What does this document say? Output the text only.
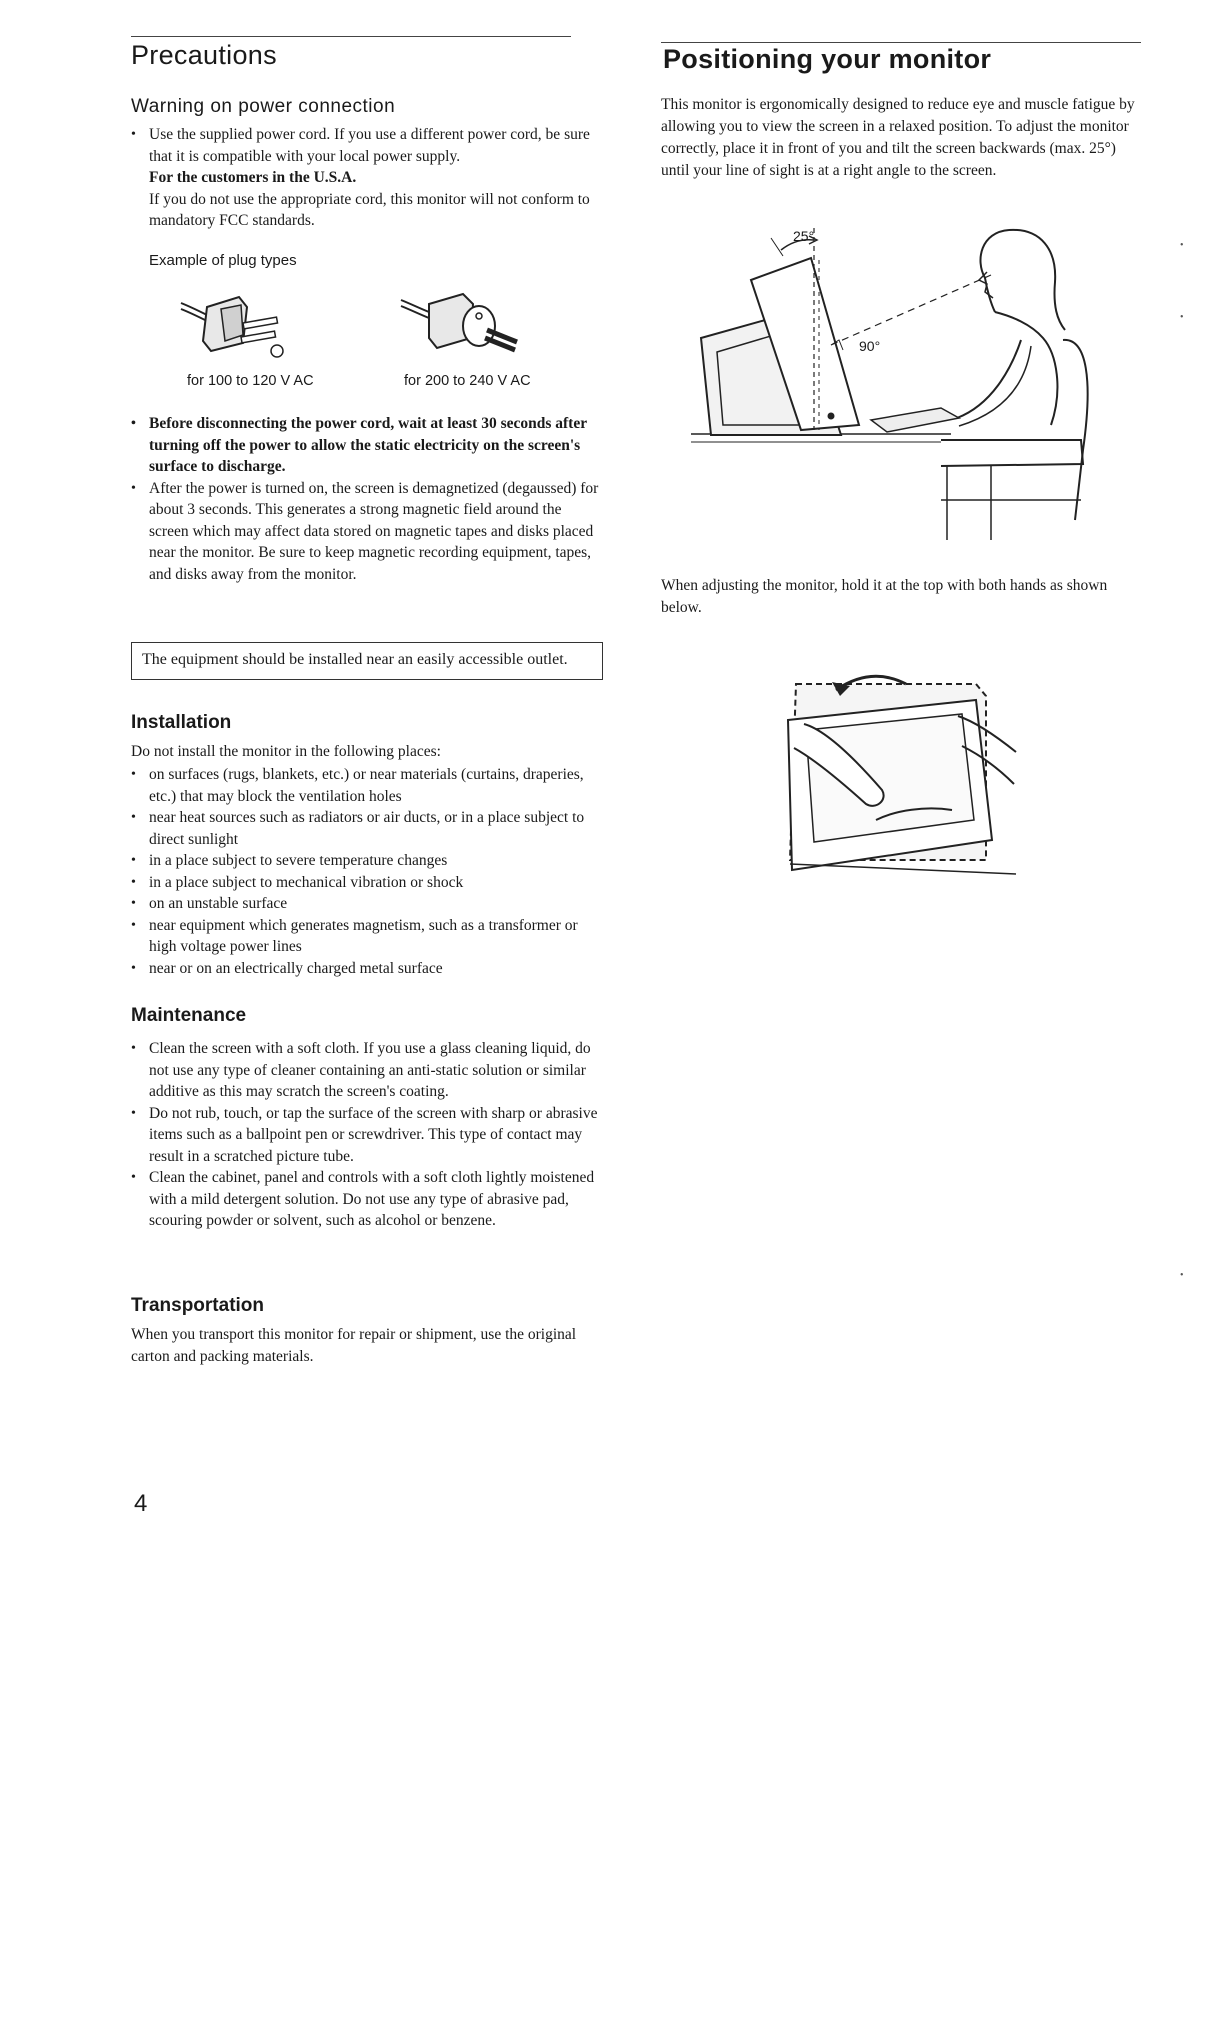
Precautions
Warning on power connection
• Use the supplied power cord. If you use a different power cord, be sure that it is compatible with your local power supply.
For the customers in the U.S.A.
If you do not use the appropriate cord, this monitor will not conform to mandatory FCC standards.
Example of plug types
for 100 to 120 V AC	for 200 to 240 V AC
• Before disconnecting the power cord, wait at least 30 seconds after turning off the power to allow the static electricity on the screen's surface to discharge.
• After the power is turned on, the screen is demagnetized (degaussed) for about 3 seconds. This generates a strong magnetic field around the screen which may affect data stored on magnetic tapes and disks placed near the monitor. Be sure to keep magnetic recording equipment, tapes, and disks away from the monitor.
The equipment should be installed near an easily accessible outlet.
Installation
Do not install the monitor in the following places:
• on surfaces (rugs, blankets, etc.) or near materials (curtains, draperies, etc.) that may block the ventilation holes
• near heat sources such as radiators or air ducts, or in a place subject to direct sunlight
• in a place subject to severe temperature changes
• in a place subject to mechanical vibration or shock
• on an unstable surface
• near equipment which generates magnetism, such as a transformer or high voltage power lines
• near or on an electrically charged metal surface
Maintenance
• Clean the screen with a soft cloth. If you use a glass cleaning liquid, do not use any type of cleaner containing an anti-static solution or similar additive as this may scratch the screen's coating.
• Do not rub, touch, or tap the surface of the screen with sharp or abrasive items such as a ballpoint pen or screwdriver. This type of contact may result in a scratched picture tube.
• Clean the cabinet, panel and controls with a soft cloth lightly moistened with a mild detergent solution. Do not use any type of abrasive pad, scouring powder or solvent, such as alcohol or benzene.
Transportation
When you transport this monitor for repair or shipment, use the original carton and packing materials.
4
Positioning your monitor
This monitor is ergonomically designed to reduce eye and muscle fatigue by allowing you to view the screen in a relaxed position. To adjust the monitor correctly, place it in front of you and tilt the screen backwards (max. 25°) until your line of sight is at a right angle to the screen.
25°
90°
When adjusting the monitor, hold it at the top with both hands as shown below.
•
•
•
